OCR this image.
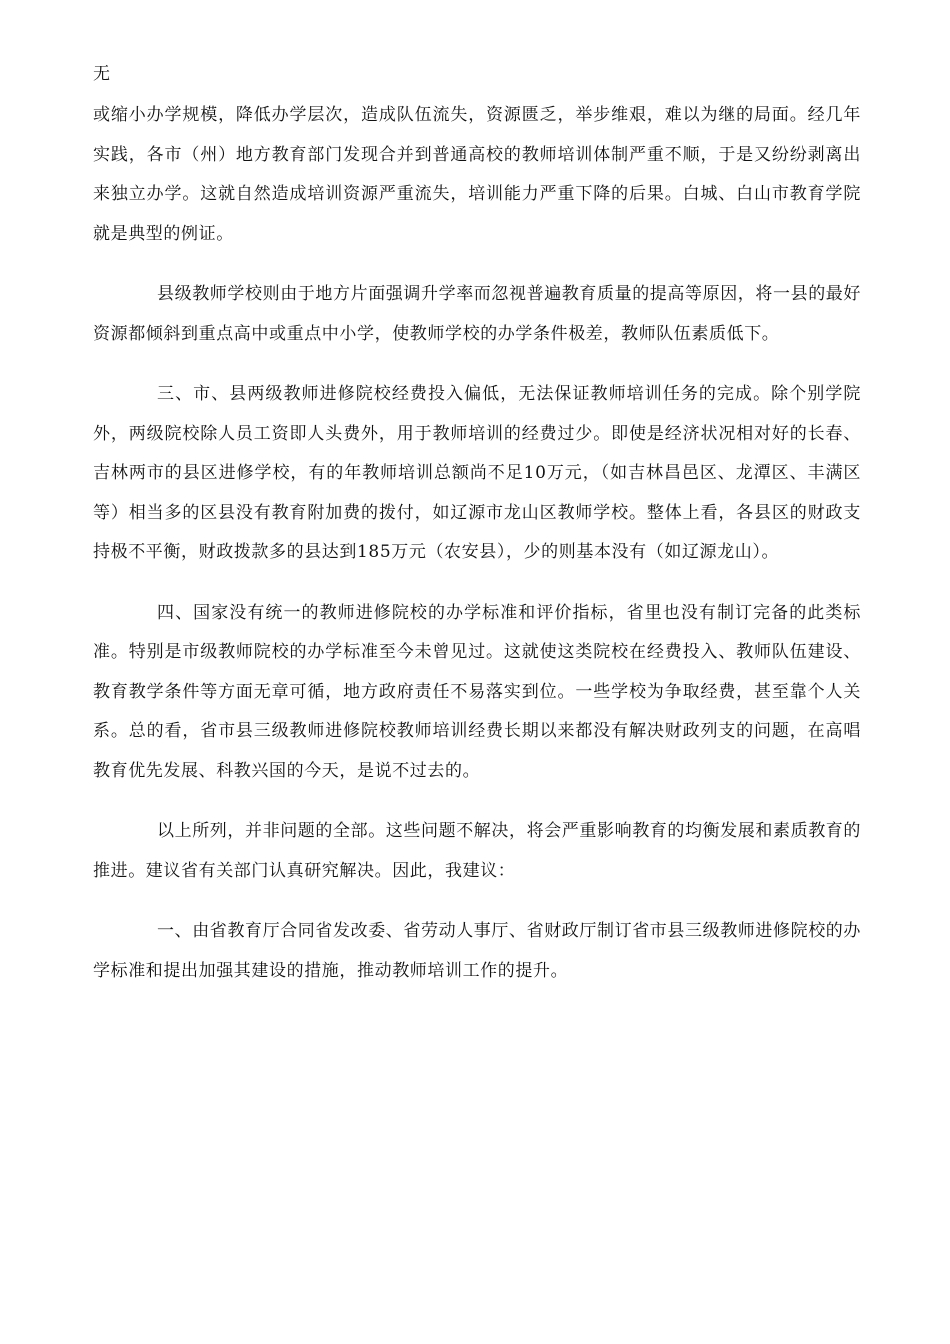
无

或缩小办学规模，降低办学层次，造成队伍流失，资源匮乏，举步维艰，难以为继的局面。经几年实践，各市（州）地方教育部门发现合并到普通高校的教师培训体制严重不顺，于是又纷纷剥离出来独立办学。这就自然造成培训资源严重流失，培训能力严重下降的后果。白城、白山市教育学院就是典型的例证。

县级教师学校则由于地方片面强调升学率而忽视普遍教育质量的提高等原因，将一县的最好资源都倾斜到重点高中或重点中小学，使教师学校的办学条件极差，教师队伍素质低下。

三、市、县两级教师进修院校经费投入偏低，无法保证教师培训任务的完成。除个别学院外，两级院校除人员工资即人头费外，用于教师培训的经费过少。即使是经济状况相对好的长春、吉林两市的县区进修学校，有的年教师培训总额尚不足10万元，（如吉林昌邑区、龙潭区、丰满区等）相当多的区县没有教育附加费的拨付，如辽源市龙山区教师学校。整体上看，各县区的财政支持极不平衡，财政拨款多的县达到185万元（农安县），少的则基本没有（如辽源龙山）。

四、国家没有统一的教师进修院校的办学标准和评价指标，省里也没有制订完备的此类标准。特别是市级教师院校的办学标准至今未曾见过。这就使这类院校在经费投入、教师队伍建设、教育教学条件等方面无章可循，地方政府责任不易落实到位。一些学校为争取经费，甚至靠个人关系。总的看，省市县三级教师进修院校教师培训经费长期以来都没有解决财政列支的问题，在高唱教育优先发展、科教兴国的今天，是说不过去的。

以上所列，并非问题的全部。这些问题不解决，将会严重影响教育的均衡发展和素质教育的推进。建议省有关部门认真研究解决。因此，我建议：

一、由省教育厅合同省发改委、省劳动人事厅、省财政厅制订省市县三级教师进修院校的办学标准和提出加强其建设的措施，推动教师培训工作的提升。
